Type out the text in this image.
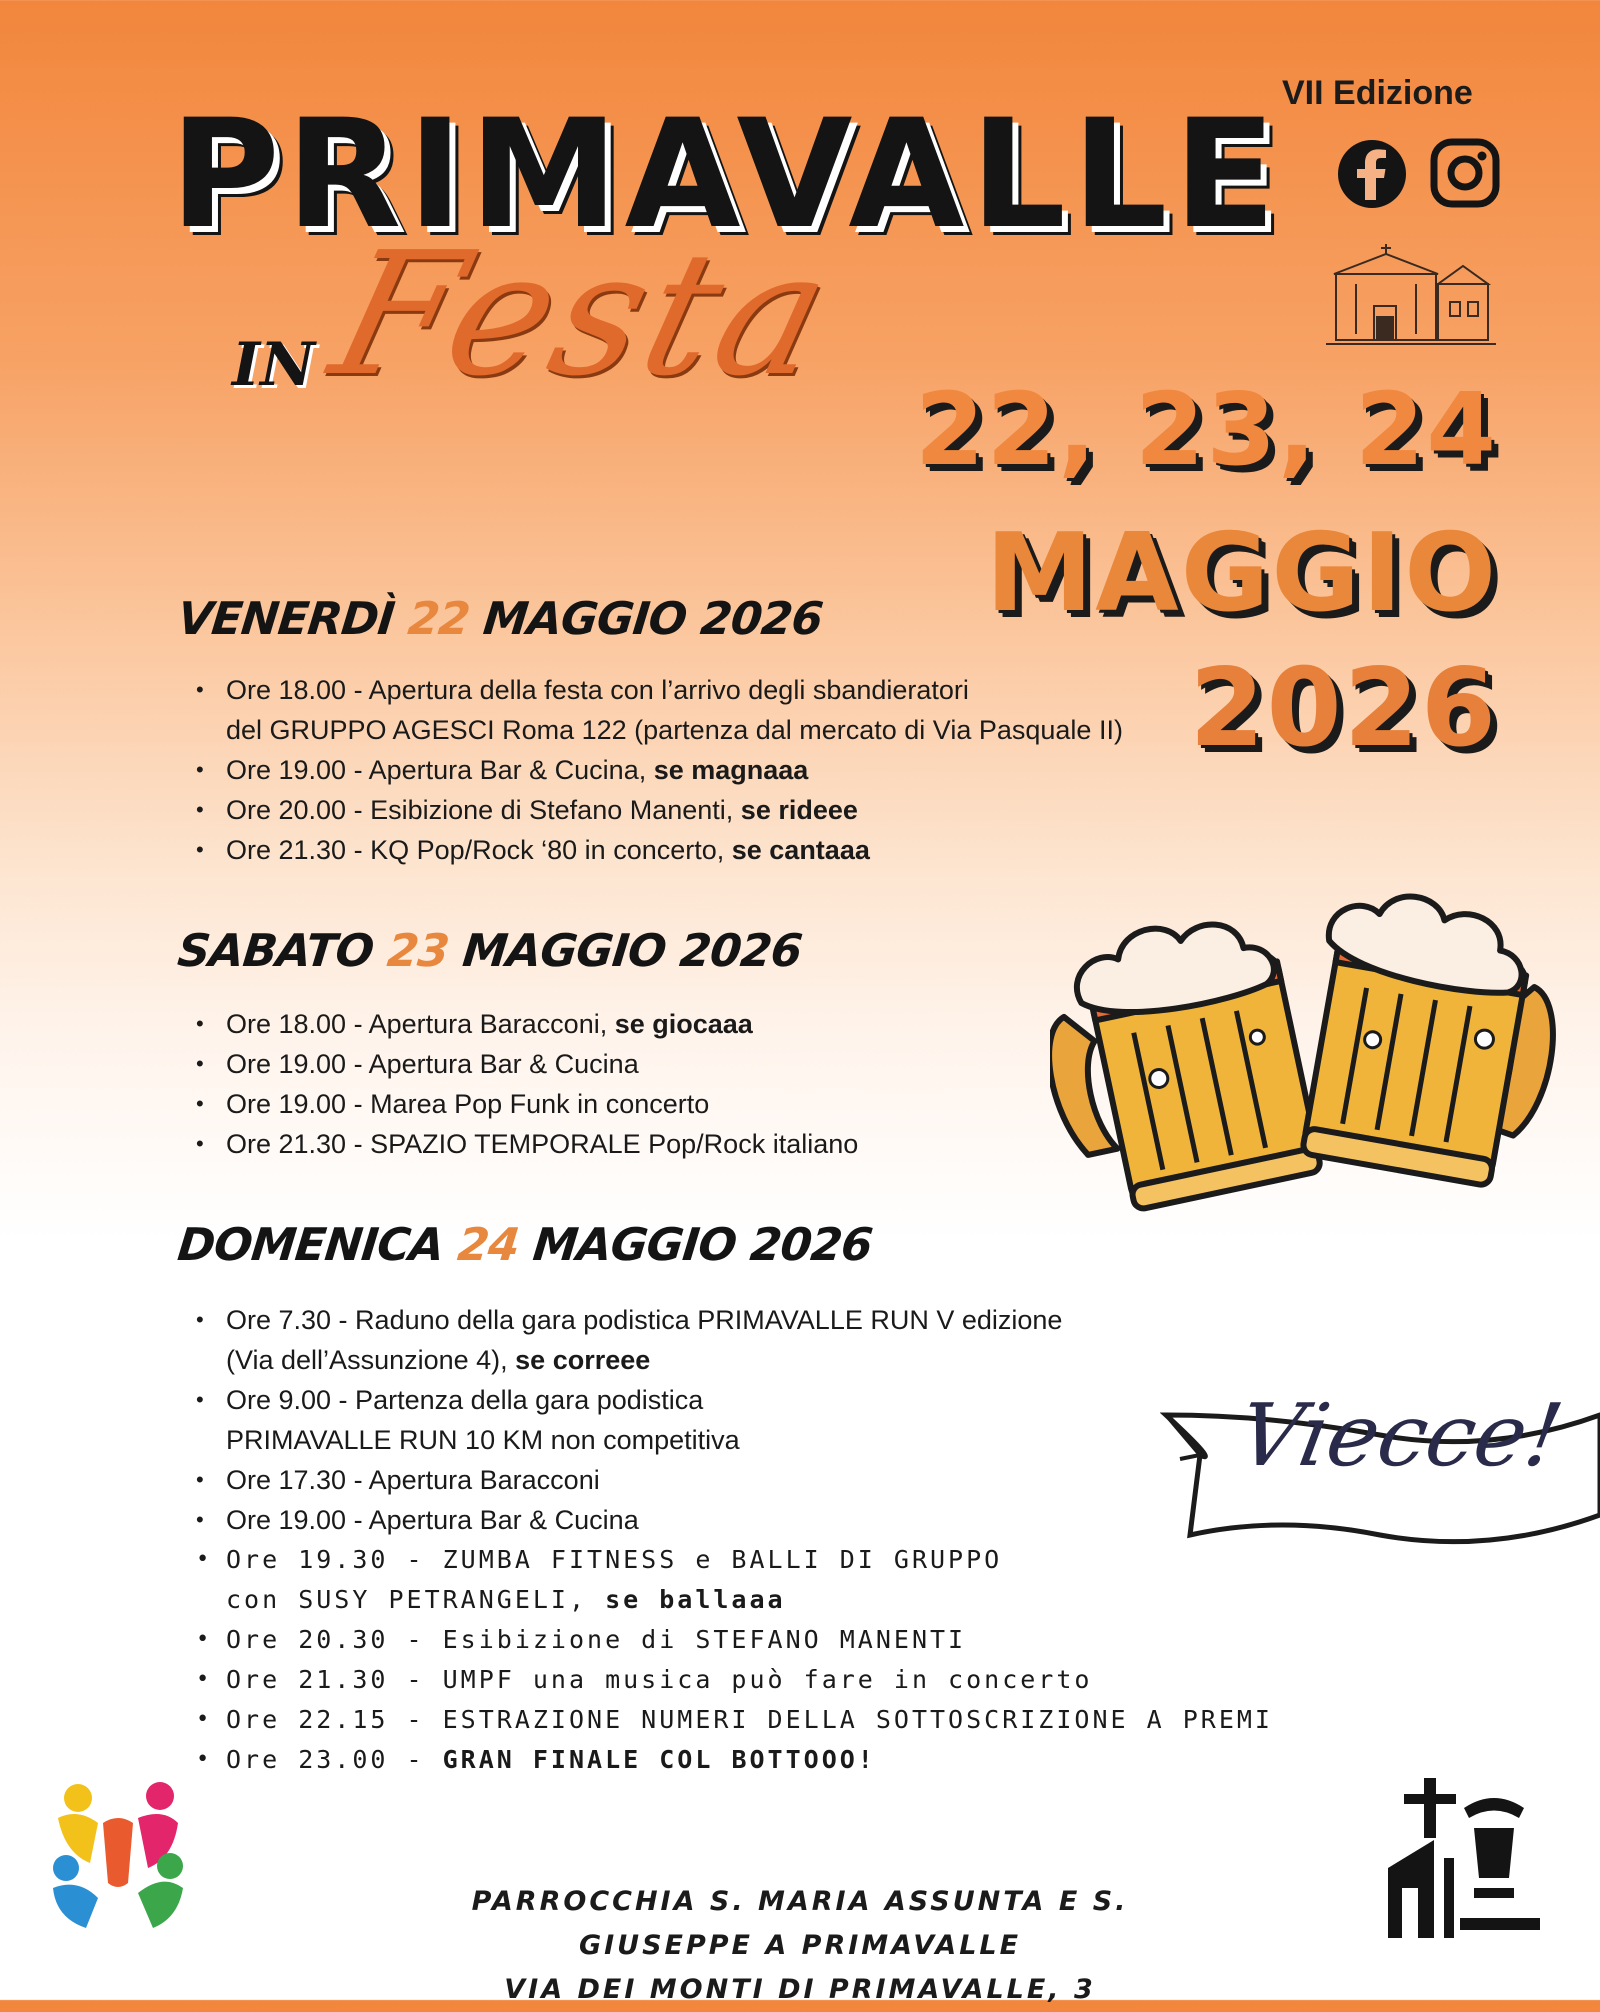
PRIMAVALLE
Festa
IN
VII Edizione
22, 23, 24
MAGGIO
2026
VENERDÌ 22 MAGGIO 2026
• Ore 18.00 - Apertura della festa con l’arrivo degli sbandieratori
del GRUPPO AGESCI Roma 122 (partenza dal mercato di Via Pasquale II)
• Ore 19.00 - Apertura Bar & Cucina, se magnaaa
• Ore 20.00 - Esibizione di Stefano Manenti, se rideee
• Ore 21.30 - KQ Pop/Rock ‘80 in concerto, se cantaaa
SABATO 23 MAGGIO 2026
• Ore 18.00 - Apertura Baracconi, se giocaaa
• Ore 19.00 - Apertura Bar & Cucina
• Ore 19.00 - Marea Pop Funk in concerto
• Ore 21.30 - SPAZIO TEMPORALE Pop/Rock italiano
DOMENICA 24 MAGGIO 2026
• Ore 7.30 - Raduno della gara podistica PRIMAVALLE RUN V edizione
(Via dell’Assunzione 4), se correee
• Ore 9.00 - Partenza della gara podistica
PRIMAVALLE RUN 10 KM non competitiva
• Ore 17.30 - Apertura Baracconi
• Ore 19.00 - Apertura Bar & Cucina
• Ore 19.30 - ZUMBA FITNESS e BALLI DI GRUPPO
con SUSY PETRANGELI, se ballaaa
• Ore 20.30 - Esibizione di STEFANO MANENTI
• Ore 21.30 - UMPF una musica può fare in concerto
• Ore 22.15 - ESTRAZIONE NUMERI DELLA SOTTOSCRIZIONE A PREMI
• Ore 23.00 - GRAN FINALE COL BOTTOOO!
Viecce!
PARROCCHIA S. MARIA ASSUNTA E S. GIUSEPPE A PRIMAVALLE
VIA DEI MONTI DI PRIMAVALLE, 3
